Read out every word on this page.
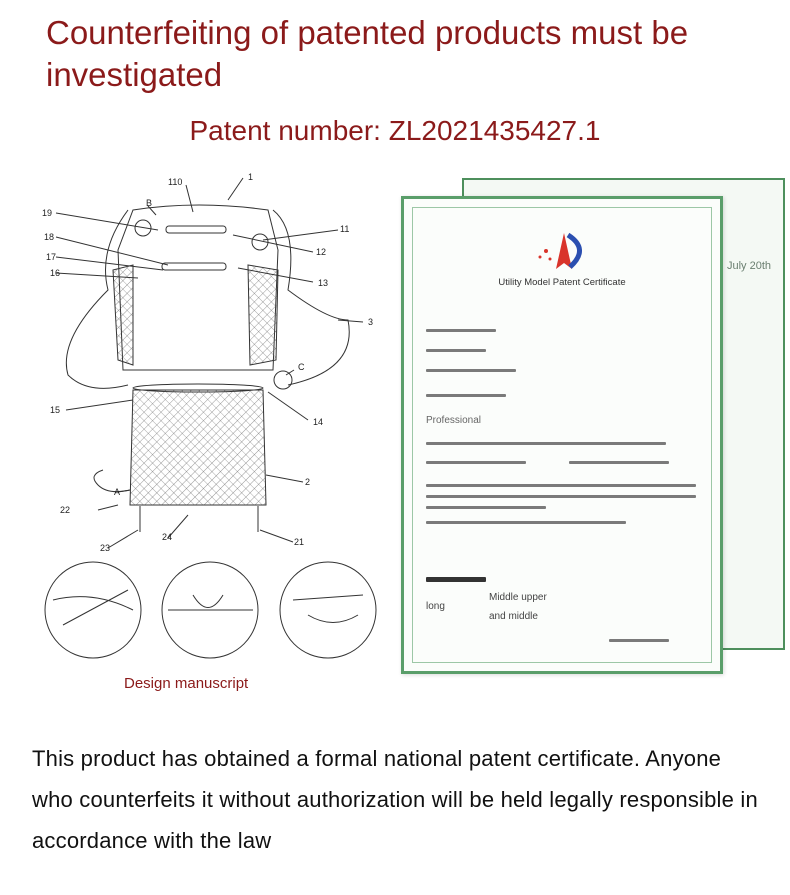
Counterfeiting of patented products must be investigated
Patent number: ZL2021435427.1
110	1
B
19
11
18
12
17
16
13
3
C
15
14
2
A
22
24
23
21
Design manuscript
July 20th
Utility Model Patent Certificate
Professional
Middle upper
long
and middle

This product has obtained a formal national patent certificate. Anyone who counterfeits it without authorization will be held legally responsible in accordance with the law
